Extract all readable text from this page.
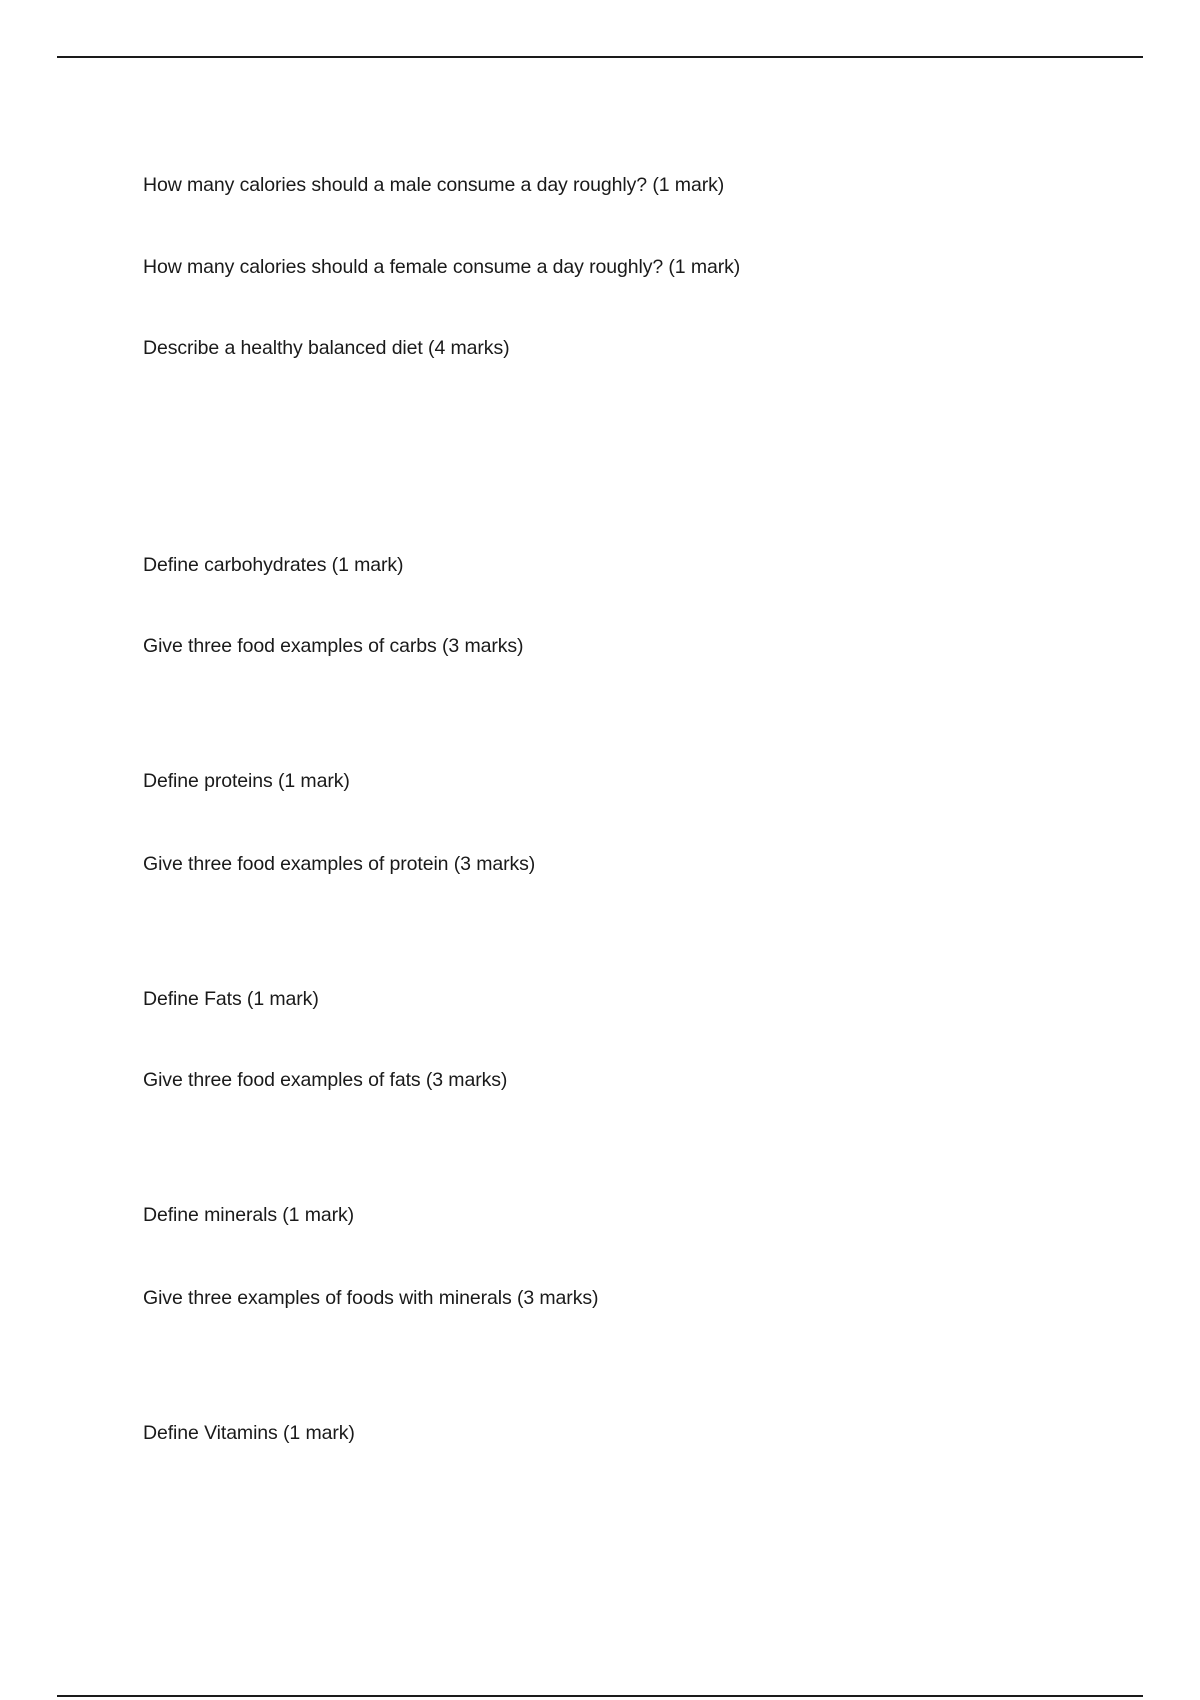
How many calories should a male consume a day roughly? (1 mark)
How many calories should a female consume a day roughly? (1 mark)
Describe a healthy balanced diet (4 marks)
Define carbohydrates (1 mark)
Give three food examples of carbs (3 marks)
Define proteins (1 mark)
Give three food examples of protein (3 marks)
Define Fats (1 mark)
Give three food examples of fats (3 marks)
Define minerals (1 mark)
Give three examples of foods with minerals (3 marks)
Define Vitamins (1 mark)
